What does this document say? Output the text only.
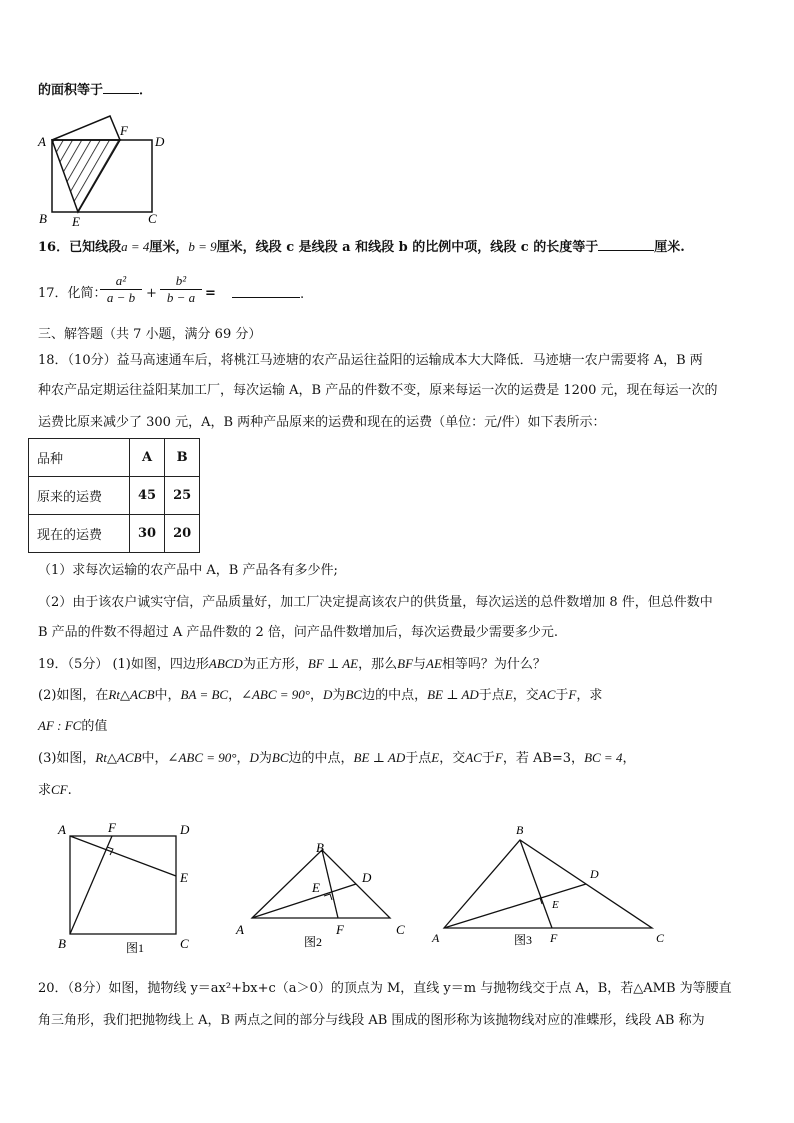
的面积等于	．
A
F
D
B E	C
16．已知线段a = 4厘米，b = 9厘米，线段 c 是线段 a 和线段 b 的比例中项，线段 c 的长度等于	厘米.
17．化简：
$\frac{\text{a²}}{a - b} + \frac{\text{b²}}{b - a}$ =	.
三、解答题（共 7 小题，满分 69 分）
18．（10分）益马高速通车后，将桃江马迹塘的农产品运往益阳的运输成本大大降低．马迹塘一农户需要将 A，B 两
种农产品定期运往益阳某加工厂，每次运输 A，B 产品的件数不变，原来每运一次的运费是 1200 元，现在每运一次的
运费比原来减少了 300 元，A，B 两种产品原来的运费和现在的运费（单位：元/件）如下表所示：
品种	A	B
原来的运费	45	25
现在的运费	30	20
（1）求每次运输的农产品中 A，B 产品各有多少件;
（2）由于该农户诚实守信，产品质量好，加工厂决定提高该农户的供货量，每次运送的总件数增加 8 件，但总件数中
B 产品的件数不得超过 A 产品件数的 2 倍，问产品件数增加后，每次运费最少需要多少元.
19．（5分） (1)如图，四边形ABCD为正方形，BF ⊥ AE，那么BF与AE相等吗？为什么？
(2)如图，在Rt△ACB中，BA = BC，∠ABC = 90°，D为BC边的中点，BE ⊥ AD于点E，交AC于F，求
AF : FC的值
(3)如图，Rt△ACB中，∠ABC = 90°，D为BC边的中点，BE ⊥ AD于点E，交AC于F，若 AB=3，BC = 4，
求CF.
A	F	D
E
B	C
图1
B
D
E
A	F	C
图2
B
D
E
A	F
图3	C
20．（8分）如图，抛物线 y＝ax²+bx+c（a＞0）的顶点为 M，直线 y＝m 与抛物线交于点 A，B，若△AMB 为等腰直
角三角形，我们把抛物线上 A，B 两点之间的部分与线段 AB 围成的图形称为该抛物线对应的准蝶形，线段 AB 称为
